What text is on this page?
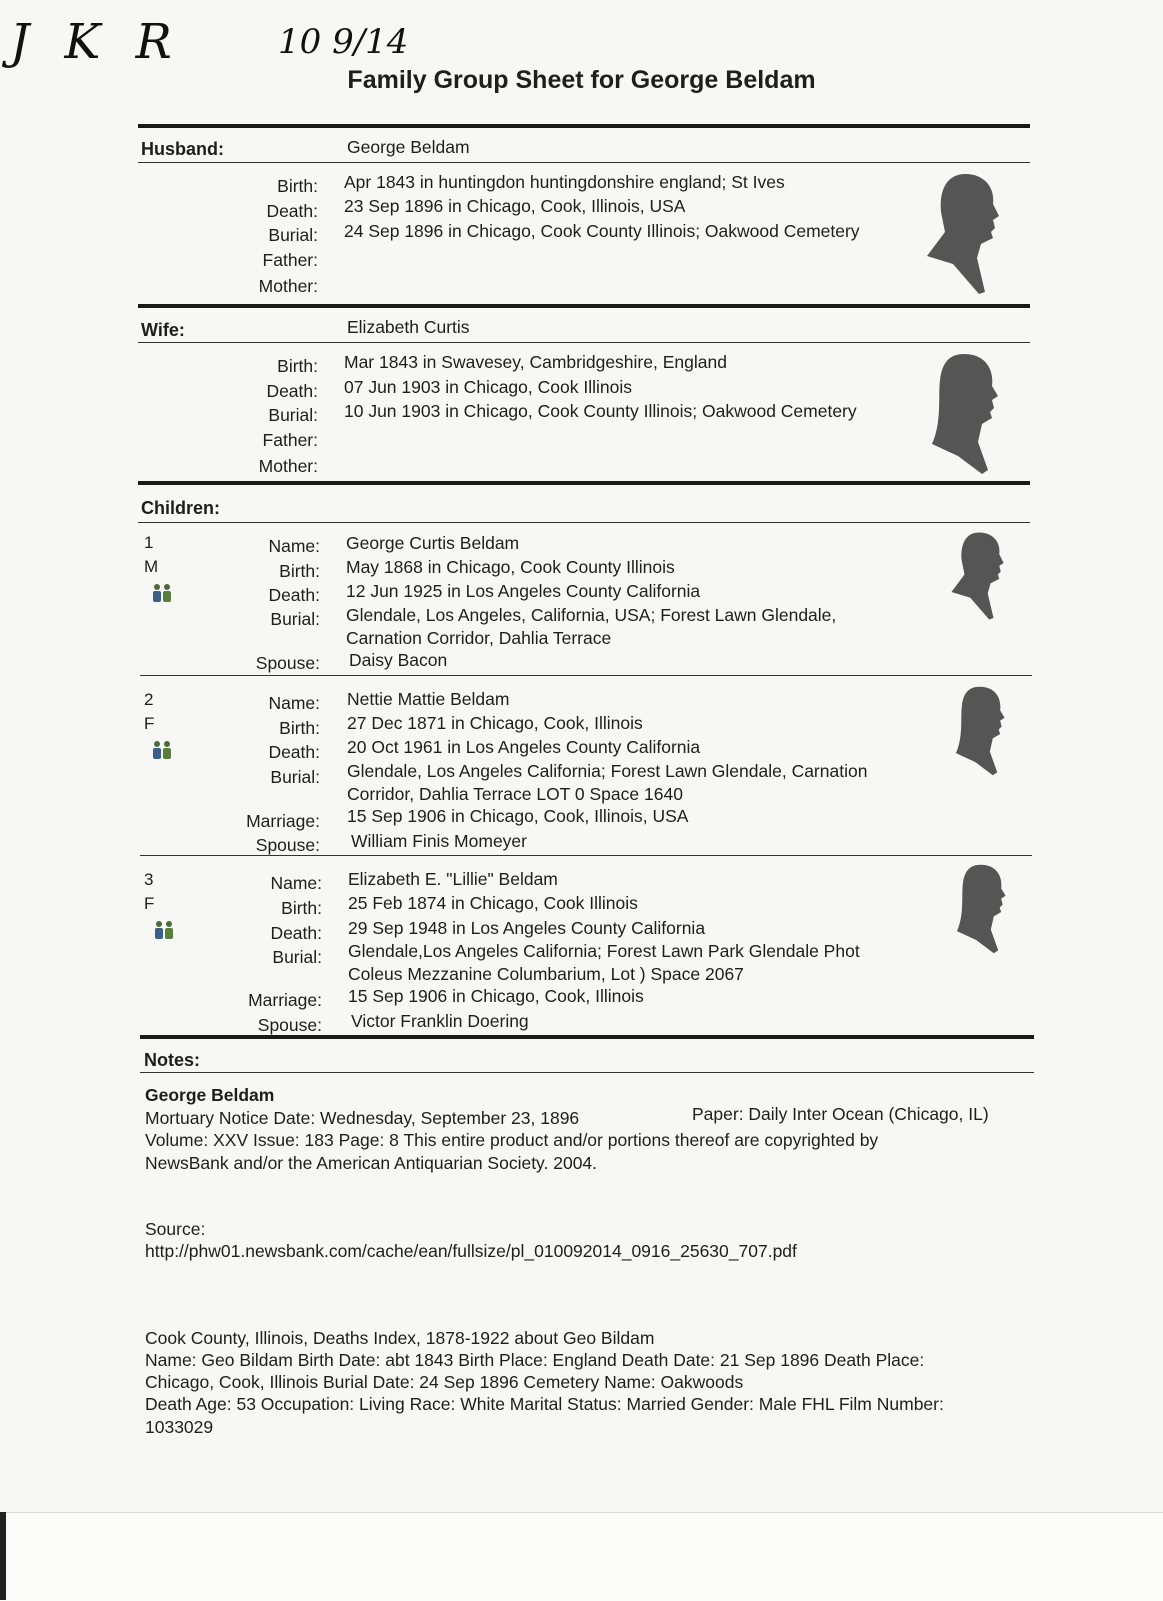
J K R	10 9/14
Family Group Sheet for George Beldam
Husband:	George Beldam
Birth: Apr 1843 in huntingdon huntingdonshire england; St Ives
Death: 23 Sep 1896 in Chicago, Cook, Illinois, USA
Burial: 24 Sep 1896 in Chicago, Cook County Illinois; Oakwood Cemetery
Father:
Mother:
Wife:	Elizabeth Curtis
Birth: Mar 1843 in Swavesey, Cambridgeshire, England
Death: 07 Jun 1903 in Chicago, Cook Illinois
Burial: 10 Jun 1903 in Chicago, Cook County Illinois; Oakwood Cemetery
Father:
Mother:
Children:
1
M
Name: George Curtis Beldam
Birth: May 1868 in Chicago, Cook County Illinois
Death: 12 Jun 1925 in Los Angeles County California
Burial: Glendale, Los Angeles, California, USA; Forest Lawn Glendale,
Carnation Corridor, Dahlia Terrace
Spouse: Daisy Bacon
2
F
Name: Nettie Mattie Beldam
Birth: 27 Dec 1871 in Chicago, Cook, Illinois
Death: 20 Oct 1961 in Los Angeles County California
Burial: Glendale, Los Angeles California; Forest Lawn Glendale, Carnation
Corridor, Dahlia Terrace LOT 0 Space 1640
Marriage: 15 Sep 1906 in Chicago, Cook, Illinois, USA
Spouse: William Finis Momeyer
3
F
Name: Elizabeth E. "Lillie" Beldam
Birth: 25 Feb 1874 in Chicago, Cook Illinois
Death: 29 Sep 1948 in Los Angeles County California
Burial: Glendale,Los Angeles California; Forest Lawn Park Glendale Phot
Coleus Mezzanine Columbarium, Lot ) Space 2067
Marriage: 15 Sep 1906 in Chicago, Cook, Illinois
Spouse: Victor Franklin Doering
Notes:
George Beldam
Mortuary Notice Date: Wednesday, September 23, 1896	Paper: Daily Inter Ocean (Chicago, IL)
Volume: XXV Issue: 183 Page: 8 This entire product and/or portions thereof are copyrighted by
NewsBank and/or the American Antiquarian Society. 2004.
Source:
http://phw01.newsbank.com/cache/ean/fullsize/pl_010092014_0916_25630_707.pdf
Cook County, Illinois, Deaths Index, 1878-1922 about Geo Bildam
Name: Geo Bildam Birth Date: abt 1843 Birth Place: England Death Date: 21 Sep 1896 Death Place:
Chicago, Cook, Illinois Burial Date: 24 Sep 1896 Cemetery Name: Oakwoods
Death Age: 53 Occupation: Living Race: White Marital Status: Married Gender: Male FHL Film Number:
1033029
